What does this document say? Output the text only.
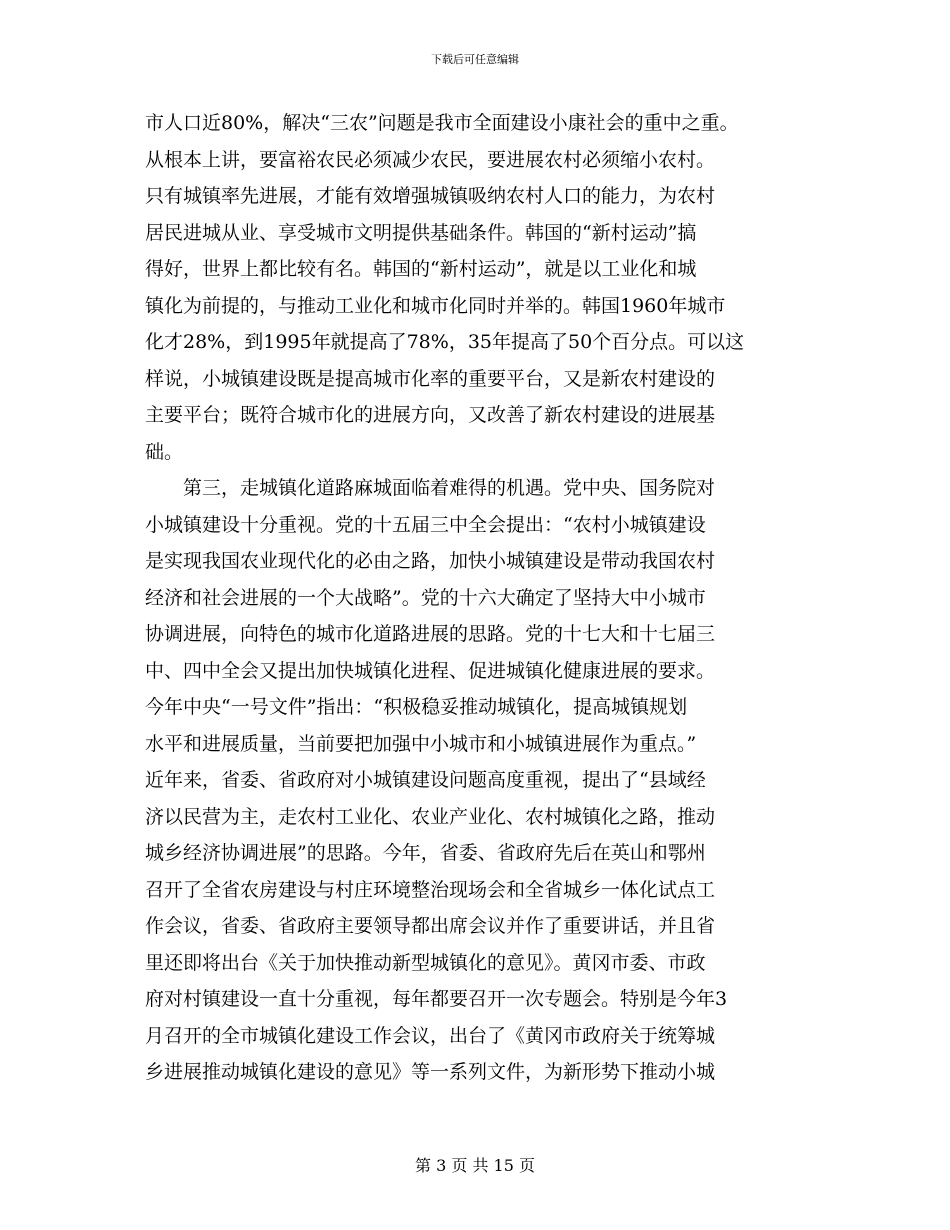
下载后可任意编辑
市人口近80%，解决“三农”问题是我市全面建设小康社会的重中之重。
从根本上讲，要富裕农民必须减少农民，要进展农村必须缩小农村。
只有城镇率先进展，才能有效增强城镇吸纳农村人口的能力，为农村
居民进城从业、享受城市文明提供基础条件。韩国的“新村运动”搞
得好，世界上都比较有名。韩国的“新村运动”，就是以工业化和城
镇化为前提的，与推动工业化和城市化同时并举的。韩国1960年城市
化才28%，到1995年就提高了78%，35年提高了50个百分点。可以这
样说，小城镇建设既是提高城市化率的重要平台，又是新农村建设的
主要平台；既符合城市化的进展方向，又改善了新农村建设的进展基
础。
　　第三，走城镇化道路麻城面临着难得的机遇。党中央、国务院对
小城镇建设十分重视。党的十五届三中全会提出：“农村小城镇建设
是实现我国农业现代化的必由之路，加快小城镇建设是带动我国农村
经济和社会进展的一个大战略”。党的十六大确定了坚持大中小城市
协调进展，向特色的城市化道路进展的思路。党的十七大和十七届三
中、四中全会又提出加快城镇化进程、促进城镇化健康进展的要求。
今年中央“一号文件”指出：“积极稳妥推动城镇化，提高城镇规划
水平和进展质量，当前要把加强中小城市和小城镇进展作为重点。”
近年来，省委、省政府对小城镇建设问题高度重视，提出了“县域经
济以民营为主，走农村工业化、农业产业化、农村城镇化之路，推动
城乡经济协调进展”的思路。今年，省委、省政府先后在英山和鄂州
召开了全省农房建设与村庄环境整治现场会和全省城乡一体化试点工
作会议，省委、省政府主要领导都出席会议并作了重要讲话，并且省
里还即将出台《关于加快推动新型城镇化的意见》。黄冈市委、市政
府对村镇建设一直十分重视，每年都要召开一次专题会。特别是今年3
月召开的全市城镇化建设工作会议，出台了《黄冈市政府关于统筹城
乡进展推动城镇化建设的意见》等一系列文件，为新形势下推动小城
第 3 页 共 15 页
